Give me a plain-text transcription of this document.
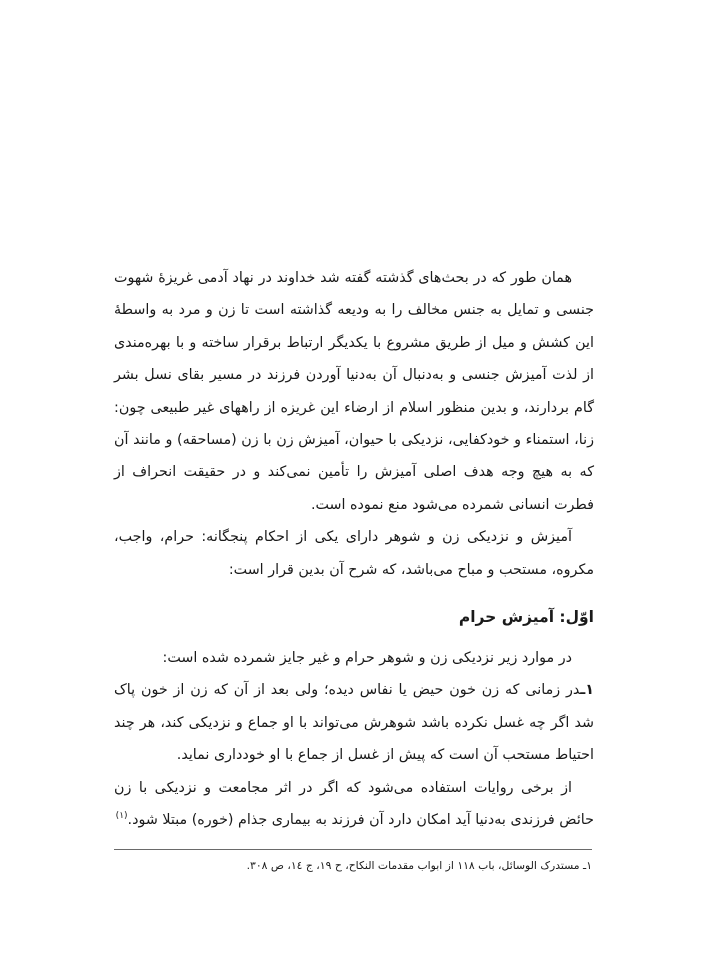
همان طور که در بحث‌های گذشته گفته شد خداوند در نهاد آدمی غریزهٔ شهوت جنسی و تمایل به جنس مخالف را به ودیعه گذاشته است تا زن و مرد به واسطهٔ این کشش و میل از طریق مشروع با یکدیگر ارتباط برقرار ساخته و با بهره‌مندی از لذت آمیزش جنسی و به‌دنبال آن به‌دنیا آوردن فرزند در مسیر بقای نسل بشر گام بردارند، و بدین منظور اسلام از ارضاء این غریزه از راههای غیر طبیعی چون: زنا، استمناء و خودکفایی، نزدیکی با حیوان، آمیزش زن با زن (مساحقه) و مانند آن که به هیچ وجه هدف اصلی آمیزش را تأمین نمی‌کند و در حقیقت انحراف از فطرت انسانی شمرده می‌شود منع نموده است.

آمیزش و نزدیکی زن و شوهر دارای یکی از احکام پنجگانه: حرام، واجب، مکروه، مستحب و مباح می‌باشد، که شرح آن بدین قرار است:

اوّل: آمیزش حرام

در موارد زیر نزدیکی زن و شوهر حرام و غیر جایز شمرده شده است:

۱ـدر زمانی که زن خون حیض یا نفاس دیده؛ ولی بعد از آن که زن از خون پاک شد اگر چه غسل نکرده باشد شوهرش می‌تواند با او جماع و نزدیکی کند، هر چند احتیاط مستحب آن است که پیش از غسل از جماع با او خودداری نماید.

از برخی روایات استفاده می‌شود که اگر در اثر مجامعت و نزدیکی با زن حائض فرزندی به‌دنیا آید امکان دارد آن فرزند به بیماری جذام (خوره) مبتلا شود.$^{(۱)}$

۱ـ مستدرک الوسائل، باب ۱۱۸ از ابواب مقدمات النکاح، ح ۱۹، ج ۱٤، ص ۳۰۸.
